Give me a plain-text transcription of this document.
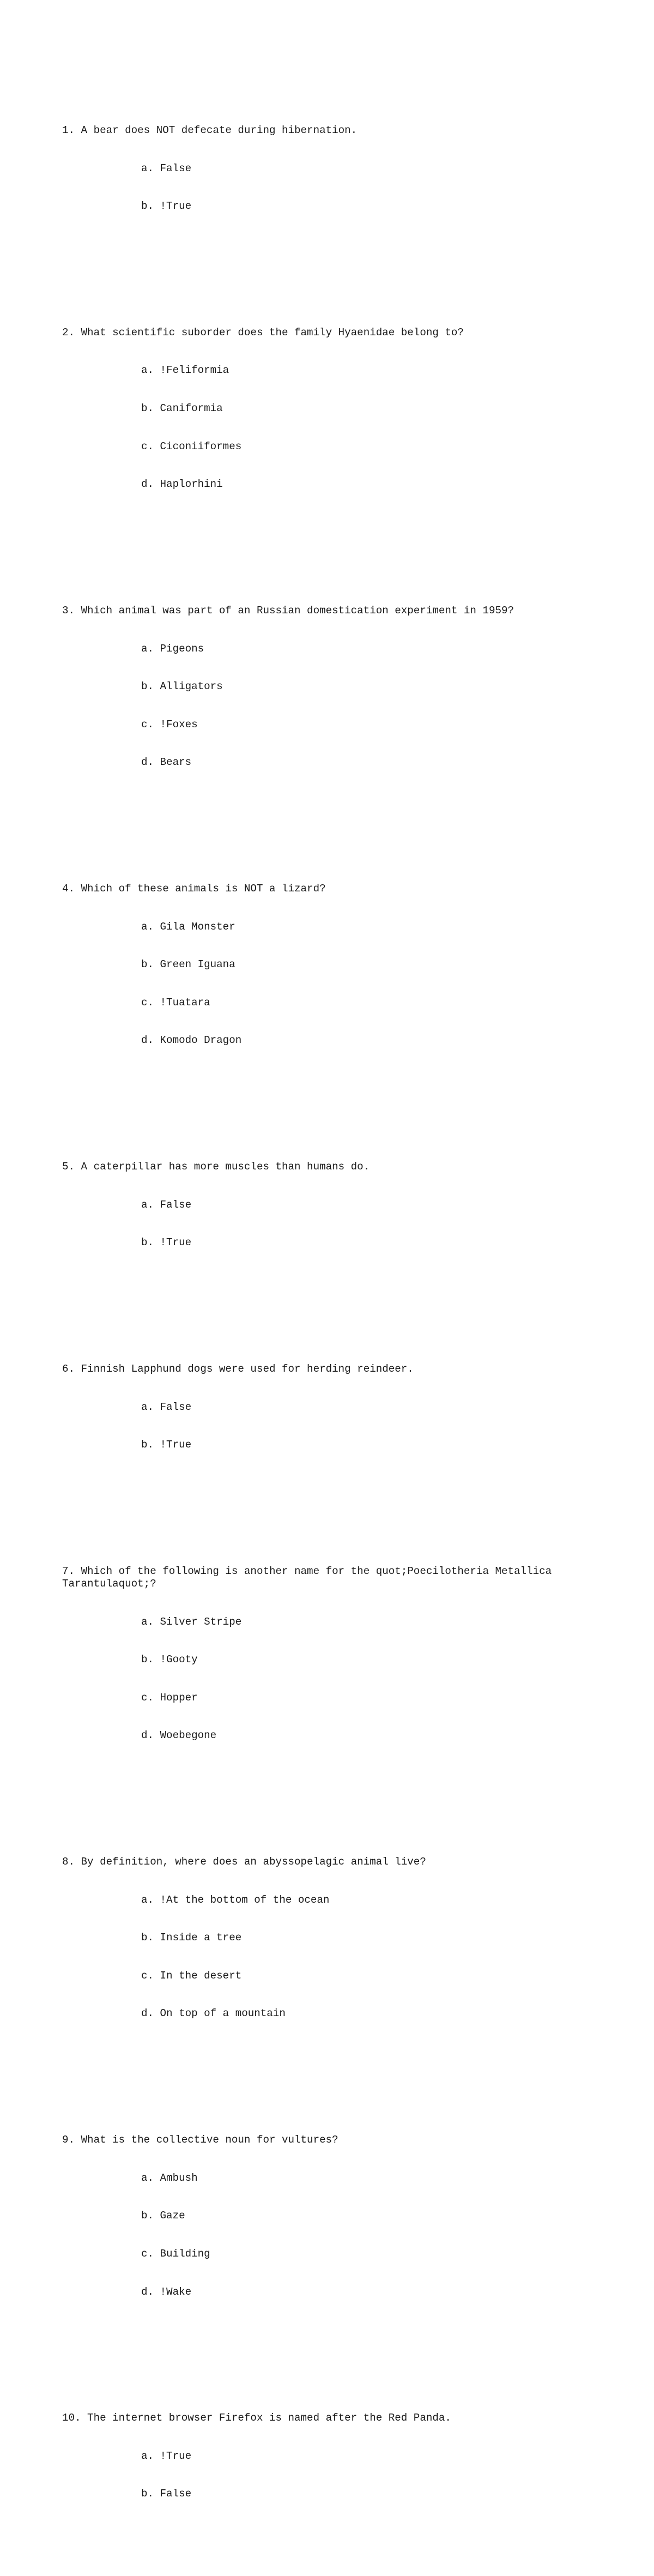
1. A bear does NOT defecate during hibernation.

a. False

b. !True

2. What scientific suborder does the family Hyaenidae belong to?

a. !Feliformia

b. Caniformia

c. Ciconiiformes

d. Haplorhini

3. Which animal was part of an Russian domestication experiment in 1959?

a. Pigeons

b. Alligators

c. !Foxes

d. Bears

4. Which of these animals is NOT a lizard?

a. Gila Monster

b. Green Iguana

c. !Tuatara

d. Komodo Dragon

5. A caterpillar has more muscles than humans do.

a. False

b. !True

6. Finnish Lapphund dogs were used for herding reindeer.

a. False

b. !True

7. Which of the following is another name for the quot;Poecilotheria Metallica
Tarantulaquot;?

a. Silver Stripe

b. !Gooty

c. Hopper

d. Woebegone

8. By definition, where does an abyssopelagic animal live?

a. !At the bottom of the ocean

b. Inside a tree

c. In the desert

d. On top of a mountain

9. What is the collective noun for vultures?

a. Ambush

b. Gaze

c. Building

d. !Wake

10. The internet browser Firefox is named after the Red Panda.

a. !True

b. False
